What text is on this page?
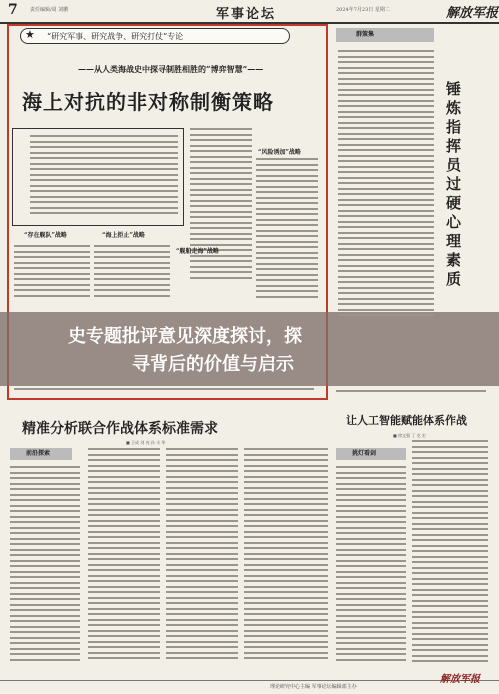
7 责任编辑/周 刘鹏	军事论坛	2024年7月23日 星期二	解放军报
★ “研究军事、研究战争、研究打仗”专论
——从人类海战史中探寻制胜相胜的“博弈智慧”——
海上对抗的非对称制衡策略
“风险诱加”战略
“存在舰队”战略	“海上拒止”战略
“舰船走海”战略
史专题批评意见深度探讨，探
寻背后的价值与启示
群策集
锤炼指挥员过硬心理素质
让人工智能赋能体系作战
■ 徐文强 丁 克 宏
挑灯看剑
精准分析联合作战体系标准需求
■ 王成 刘 亮 孙 丰 华
前沿探索
理论研究中心主编 军事论坛编辑部主办
解放军报
